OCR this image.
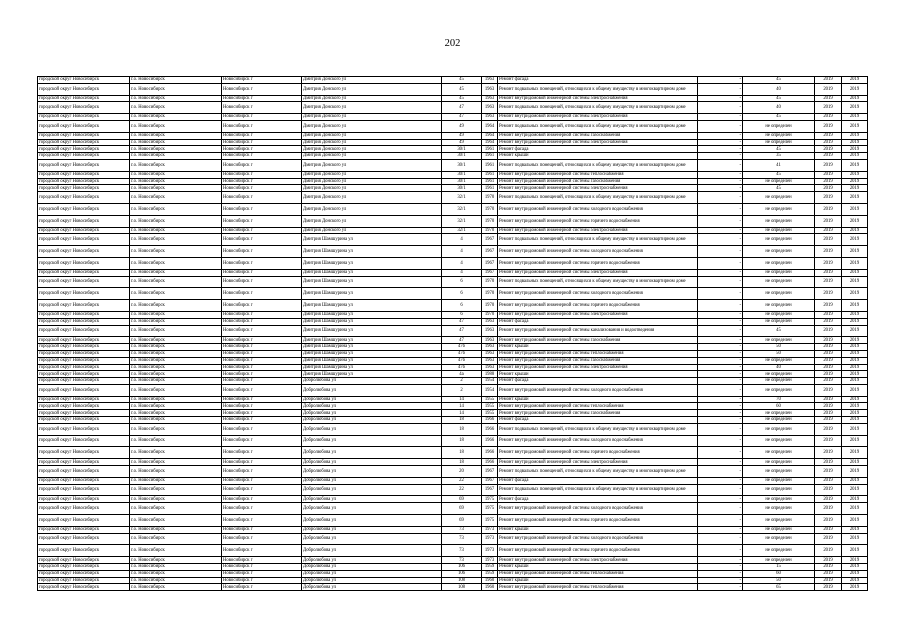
202
городской округ Новосибирск	г.о. Новосибирск	Новосибирск г	Дмитрия Донского ул	45	1963	Ремонт фасада	-	45	2019	2019
городской округ Новосибирск	г.о. Новосибирск	Новосибирск г	Дмитрия Донского ул	45	1963	Ремонт подвальных помещений, относящихся к общему имуществу в многоквартирном доме	-	40	2019	2019
городской округ Новосибирск	г.о. Новосибирск	Новосибирск г	Дмитрия Донского ул	45	1963	Ремонт внутридомовой инженерной системы электроснабжения	-	45	2019	2019
городской округ Новосибирск	г.о. Новосибирск	Новосибирск г	Дмитрия Донского ул	47	1963	Ремонт подвальных помещений, относящихся к общему имуществу в многоквартирном доме	-	40	2019	2019
городской округ Новосибирск	г.о. Новосибирск	Новосибирск г	Дмитрия Донского ул	47	1963	Ремонт внутридомовой инженерной системы электроснабжения	-	45	2019	2019
городской округ Новосибирск	г.о. Новосибирск	Новосибирск г	Дмитрия Донского ул	49	1964	Ремонт подвальных помещений, относящихся к общему имуществу в многоквартирном доме	-	не определен	2019	2019
городской округ Новосибирск	г.о. Новосибирск	Новосибирск г	Дмитрия Донского ул	49	1964	Ремонт внутридомовой инженерной системы газоснабжения	-	не определен	2019	2019
городской округ Новосибирск	г.о. Новосибирск	Новосибирск г	Дмитрия Донского ул	49	1964	Ремонт внутридомовой инженерной системы электроснабжения	-	не определен	2019	2019
городской округ Новосибирск	г.о. Новосибирск	Новосибирск г	Дмитрия Донского ул	30/1	1961	Ремонт фасада	-	45	2019	2019
городской округ Новосибирск	г.о. Новосибирск	Новосибирск г	Дмитрия Донского ул	30/1	1961	Ремонт крыши	-	35	2019	2019
городской округ Новосибирск	г.о. Новосибирск	Новосибирск г	Дмитрия Донского ул	30/1	1961	Ремонт подвальных помещений, относящихся к общему имуществу в многоквартирном доме	-	41	2019	2019
городской округ Новосибирск	г.о. Новосибирск	Новосибирск г	Дмитрия Донского ул	30/1	1961	Ремонт внутридомовой инженерной системы теплоснабжения	-	45	2019	2019
городской округ Новосибирск	г.о. Новосибирск	Новосибирск г	Дмитрия Донского ул	30/1	1961	Ремонт внутридомовой инженерной системы газоснабжения	-	не определен	2019	2019
городской округ Новосибирск	г.о. Новосибирск	Новосибирск г	Дмитрия Донского ул	30/1	1961	Ремонт внутридомовой инженерной системы электроснабжения	-	45	2019	2019
городской округ Новосибирск	г.о. Новосибирск	Новосибирск г	Дмитрия Донского ул	32/1	1970	Ремонт подвальных помещений, относящихся к общему имуществу в многоквартирном доме	-	не определен	2019	2019
городской округ Новосибирск	г.о. Новосибирск	Новосибирск г	Дмитрия Донского ул	32/1	1970	Ремонт внутридомовой инженерной системы холодного водоснабжения	-	не определен	2019	2019
городской округ Новосибирск	г.о. Новосибирск	Новосибирск г	Дмитрия Донского ул	32/1	1970	Ремонт внутридомовой инженерной системы горячего водоснабжения	-	не определен	2019	2019
городской округ Новосибирск	г.о. Новосибирск	Новосибирск г	Дмитрия Донского ул	32/1	1970	Ремонт внутридомовой инженерной системы электроснабжения	-	не определен	2019	2019
городской округ Новосибирск	г.о. Новосибирск	Новосибирск г	Дмитрия Шамшурина ул	4	1967	Ремонт подвальных помещений, относящихся к общему имуществу в многоквартирном доме	-	не определен	2019	2019
городской округ Новосибирск	г.о. Новосибирск	Новосибирск г	Дмитрия Шамшурина ул	4	1967	Ремонт внутридомовой инженерной системы холодного водоснабжения	-	не определен	2019	2019
городской округ Новосибирск	г.о. Новосибирск	Новосибирск г	Дмитрия Шамшурина ул	4	1967	Ремонт внутридомовой инженерной системы горячего водоснабжения	-	не определен	2019	2019
городской округ Новосибирск	г.о. Новосибирск	Новосибирск г	Дмитрия Шамшурина ул	4	1967	Ремонт внутридомовой инженерной системы электроснабжения	-	не определен	2019	2019
городской округ Новосибирск	г.о. Новосибирск	Новосибирск г	Дмитрия Шамшурина ул	6	1970	Ремонт подвальных помещений, относящихся к общему имуществу в многоквартирном доме	-	не определен	2019	2019
городской округ Новосибирск	г.о. Новосибирск	Новосибирск г	Дмитрия Шамшурина ул	6	1970	Ремонт внутридомовой инженерной системы холодного водоснабжения	-	не определен	2019	2019
городской округ Новосибирск	г.о. Новосибирск	Новосибирск г	Дмитрия Шамшурина ул	6	1970	Ремонт внутридомовой инженерной системы горячего водоснабжения	-	не определен	2019	2019
городской округ Новосибирск	г.о. Новосибирск	Новосибирск г	Дмитрия Шамшурина ул	6	1970	Ремонт внутридомовой инженерной системы электроснабжения	-	не определен	2019	2019
городской округ Новосибирск	г.о. Новосибирск	Новосибирск г	Дмитрия Шамшурина ул	47	1963	Ремонт фасада	-	не определен	2019	2019
городской округ Новосибирск	г.о. Новосибирск	Новосибирск г	Дмитрия Шамшурина ул	47	1963	Ремонт внутридомовой инженерной системы канализования и водоотведения	-	45	2019	2019
городской округ Новосибирск	г.о. Новосибирск	Новосибирск г	Дмитрия Шамшурина ул	47	1963	Ремонт внутридомовой инженерной системы газоснабжения	-	не определен	2019	2019
городской округ Новосибирск	г.о. Новосибирск	Новосибирск г	Дмитрия Шамшурина ул	47б	1963	Ремонт крыши	-	50	2019	2019
городской округ Новосибирск	г.о. Новосибирск	Новосибирск г	Дмитрия Шамшурина ул	47б	1963	Ремонт внутридомовой инженерной системы теплоснабжения	-	50	2019	2019
городской округ Новосибирск	г.о. Новосибирск	Новосибирск г	Дмитрия Шамшурина ул	47б	1963	Ремонт внутридомовой инженерной системы газоснабжения	-	не определен	2019	2019
городской округ Новосибирск	г.о. Новосибирск	Новосибирск г	Дмитрия Шамшурина ул	47б	1963	Ремонт внутридомовой инженерной системы электроснабжения	-	40	2019	2019
городской округ Новосибирск	г.о. Новосибирск	Новосибирск г	Дмитрия Шамшурина ул	4а	1988	Ремонт крыши	-	не определен	2019	2019
городской округ Новосибирск	г.о. Новосибирск	Новосибирск г	Добролюбова ул	2	1954	Ремонт фасада	-	не определен	2019	2019
городской округ Новосибирск	г.о. Новосибирск	Новосибирск г	Добролюбова ул	2	1954	Ремонт внутридомовой инженерной системы холодного водоснабжения	-	не определен	2019	2019
городской округ Новосибирск	г.о. Новосибирск	Новосибирск г	Добролюбова ул	14	1955	Ремонт крыши	-	70	2019	2019
городской округ Новосибирск	г.о. Новосибирск	Новосибирск г	Добролюбова ул	14	1955	Ремонт внутридомовой инженерной системы теплоснабжения	-	60	2019	2019
городской округ Новосибирск	г.о. Новосибирск	Новосибирск г	Добролюбова ул	14	1955	Ремонт внутридомовой инженерной системы газоснабжения	-	не определен	2019	2019
городской округ Новосибирск	г.о. Новосибирск	Новосибирск г	Добролюбова ул	18	1966	Ремонт фасада	-	не определен	2019	2019
городской округ Новосибирск	г.о. Новосибирск	Новосибирск г	Добролюбова ул	18	1966	Ремонт подвальных помещений, относящихся к общему имуществу в многоквартирном доме	-	не определен	2019	2019
городской округ Новосибирск	г.о. Новосибирск	Новосибирск г	Добролюбова ул	18	1966	Ремонт внутридомовой инженерной системы холодного водоснабжения	-	не определен	2019	2019
городской округ Новосибирск	г.о. Новосибирск	Новосибирск г	Добролюбова ул	18	1966	Ремонт внутридомовой инженерной системы горячего водоснабжения	-	не определен	2019	2019
городской округ Новосибирск	г.о. Новосибирск	Новосибирск г	Добролюбова ул	18	1966	Ремонт внутридомовой инженерной системы электроснабжения	-	не определен	2019	2019
городской округ Новосибирск	г.о. Новосибирск	Новосибирск г	Добролюбова ул	20	1967	Ремонт подвальных помещений, относящихся к общему имуществу в многоквартирном доме	-	не определен	2019	2019
городской округ Новосибирск	г.о. Новосибирск	Новосибирск г	Добролюбова ул	22	1967	Ремонт фасада	-	не определен	2019	2019
городской округ Новосибирск	г.о. Новосибирск	Новосибирск г	Добролюбова ул	22	1967	Ремонт подвальных помещений, относящихся к общему имуществу в многоквартирном доме	-	не определен	2019	2019
городской округ Новосибирск	г.о. Новосибирск	Новосибирск г	Добролюбова ул	69	1975	Ремонт фасада	-	не определен	2019	2019
городской округ Новосибирск	г.о. Новосибирск	Новосибирск г	Добролюбова ул	69	1975	Ремонт внутридомовой инженерной системы холодного водоснабжения	-	не определен	2019	2019
городской округ Новосибирск	г.о. Новосибирск	Новосибирск г	Добролюбова ул	69	1975	Ремонт внутридомовой инженерной системы горячего водоснабжения	-	не определен	2019	2019
городской округ Новосибирск	г.о. Новосибирск	Новосибирск г	Добролюбова ул	73	1973	Ремонт крыши	-	не определен	2019	2019
городской округ Новосибирск	г.о. Новосибирск	Новосибирск г	Добролюбова ул	73	1973	Ремонт внутридомовой инженерной системы холодного водоснабжения	-	не определен	2019	2019
городской округ Новосибирск	г.о. Новосибирск	Новосибирск г	Добролюбова ул	73	1973	Ремонт внутридомовой инженерной системы горячего водоснабжения	-	не определен	2019	2019
городской округ Новосибирск	г.о. Новосибирск	Новосибирск г	Добролюбова ул	73	1973	Ремонт внутридомовой инженерной системы электроснабжения	-	не определен	2019	2019
городской округ Новосибирск	г.о. Новосибирск	Новосибирск г	Добролюбова ул	106	1959	Ремонт крыши	-	15	2019	2019
городской округ Новосибирск	г.о. Новосибирск	Новосибирск г	Добролюбова ул	106	1959	Ремонт внутридомовой инженерной системы теплоснабжения	-	60	2019	2019
городской округ Новосибирск	г.о. Новосибирск	Новосибирск г	Добролюбова ул	108	1960	Ремонт крыши	-	50	2019	2019
городской округ Новосибирск	г.о. Новосибирск	Новосибирск г	Добролюбова ул	108	1960	Ремонт внутридомовой инженерной системы теплоснабжения	-	65	2019	2019
